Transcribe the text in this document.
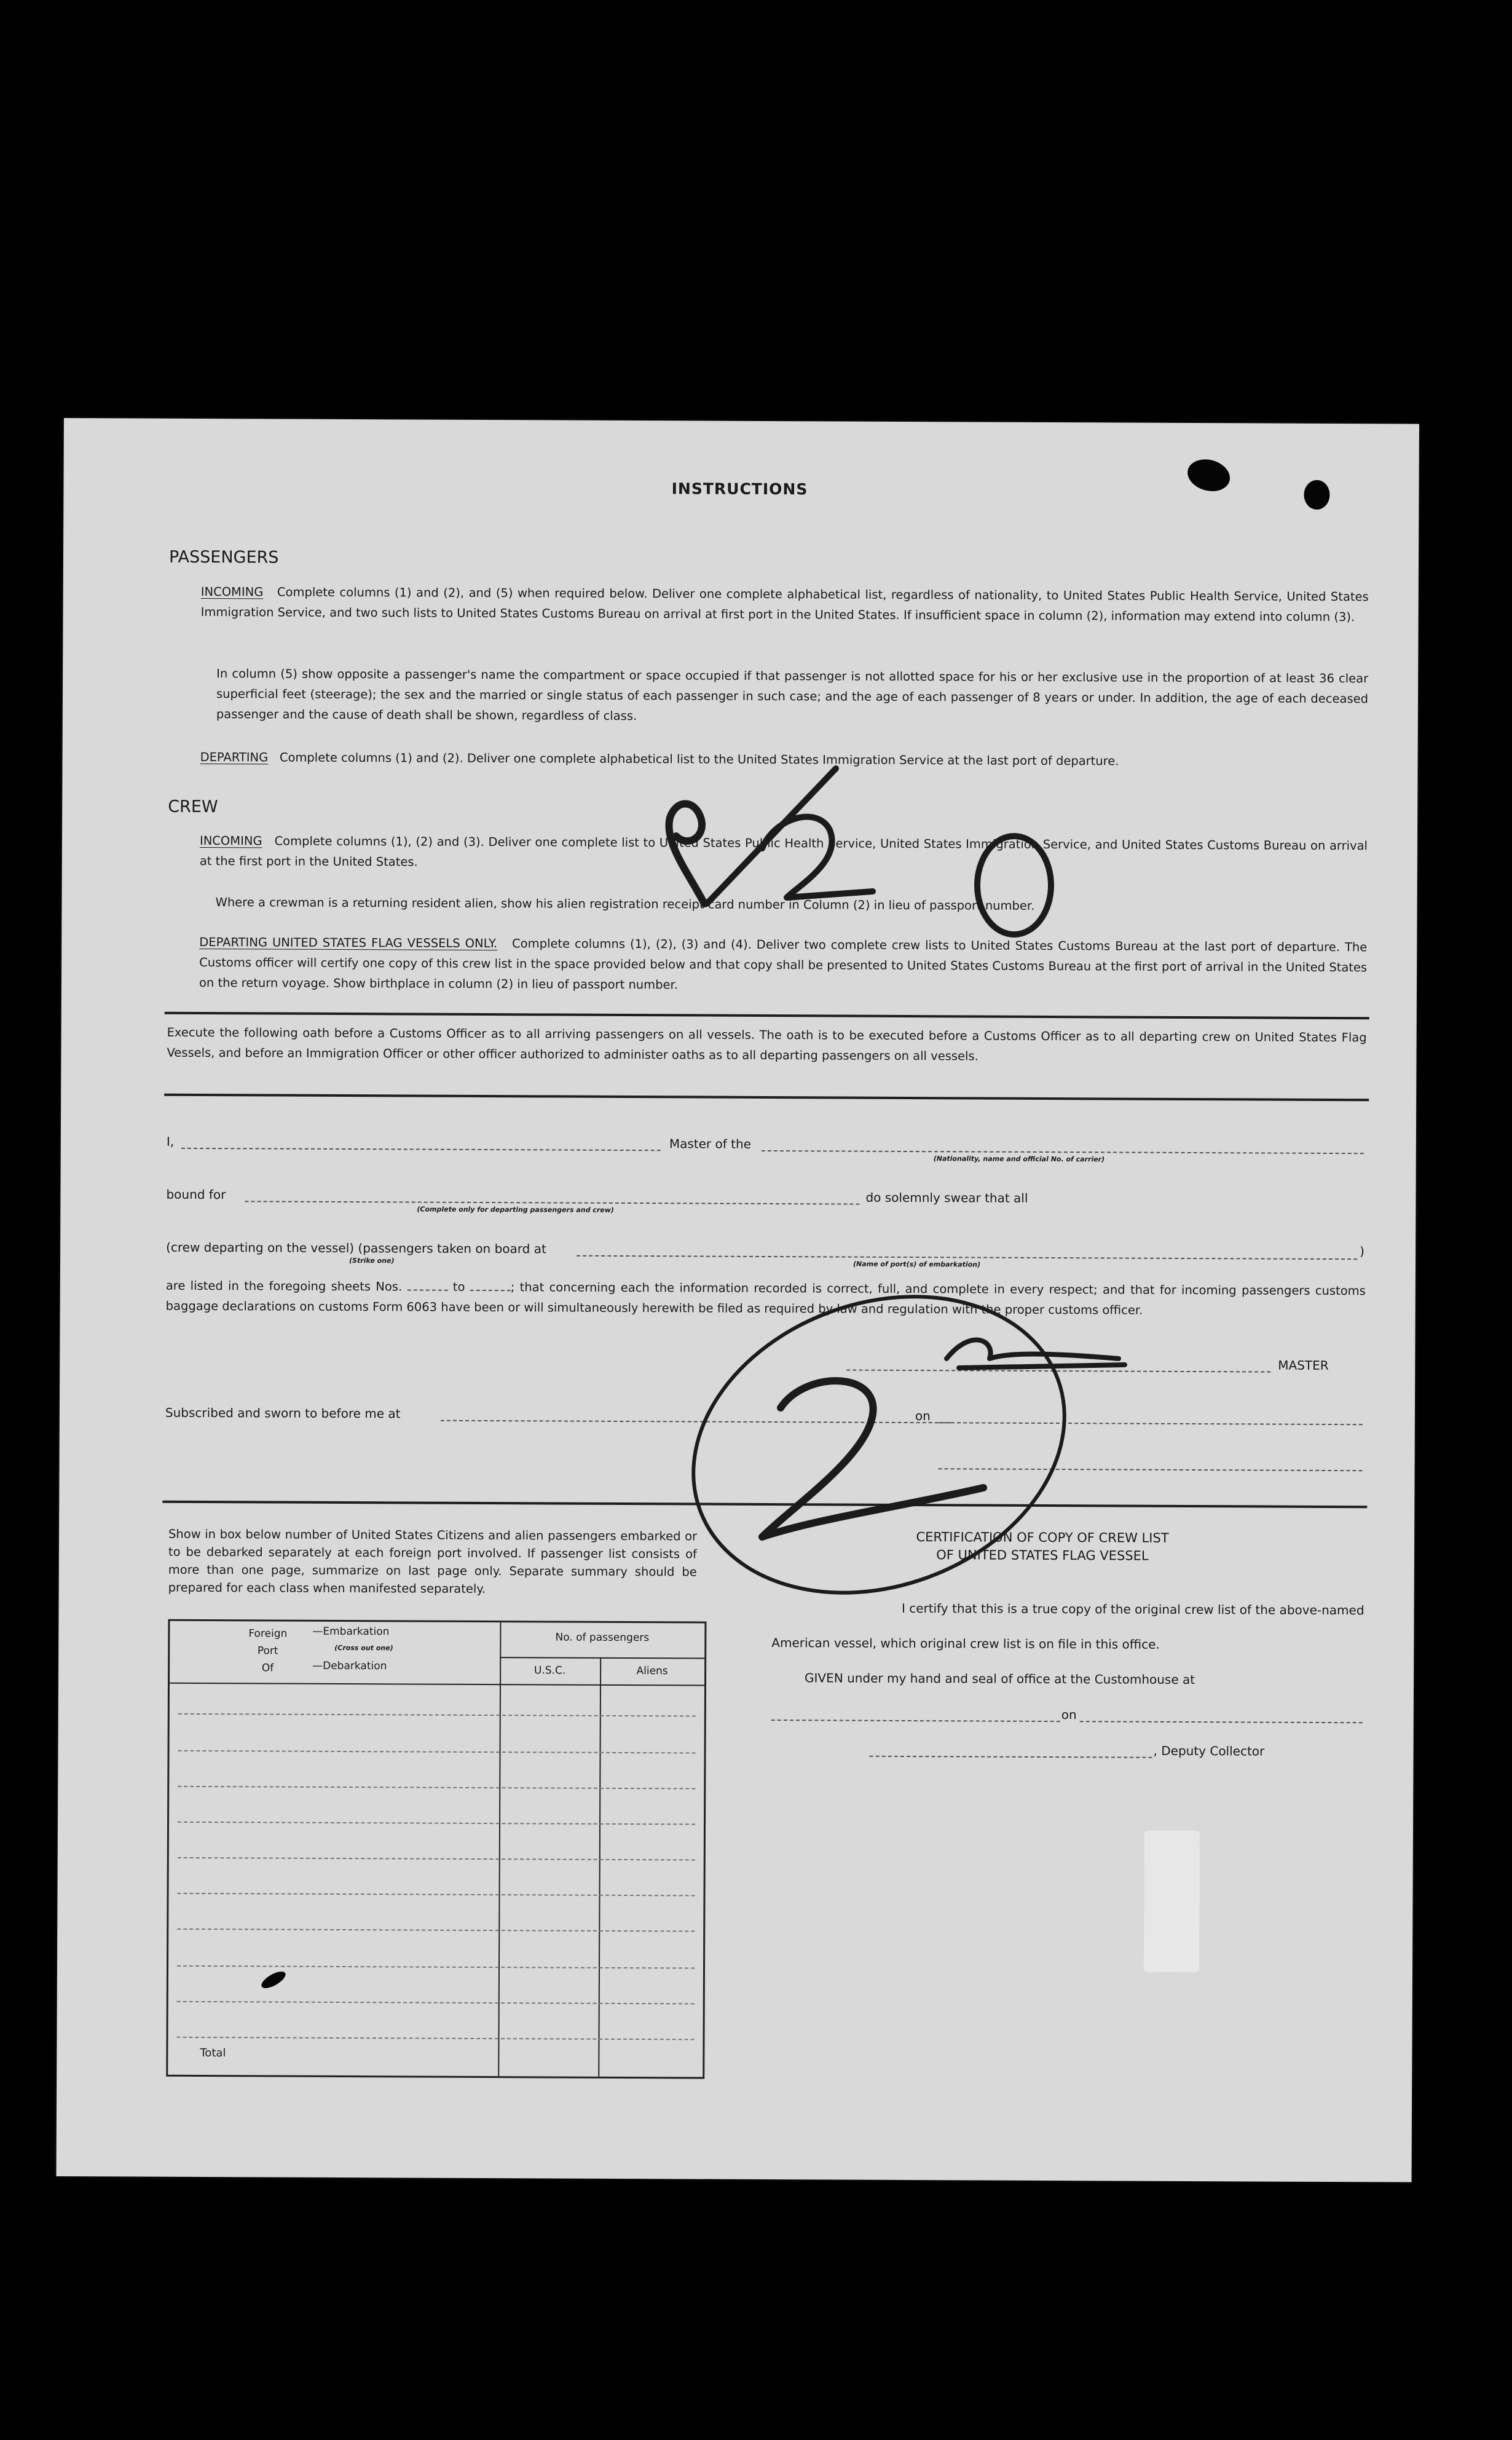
INSTRUCTIONS
PASSENGERS
INCOMING Complete columns (1) and (2), and (5) when required below. Deliver one complete alphabetical list, regardless of nationality, to United States Public Health Service, United States Immigration Service, and two such lists to United States Customs Bureau on arrival at first port in the United States. If insufficient space in column (2), information may extend into column (3).
In column (5) show opposite a passenger's name the compartment or space occupied if that passenger is not allotted space for his or her exclusive use in the proportion of at least 36 clear superficial feet (steerage); the sex and the married or single status of each passenger in such case; and the age of each passenger of 8 years or under. In addition, the age of each deceased passenger and the cause of death shall be shown, regardless of class.
DEPARTING Complete columns (1) and (2). Deliver one complete alphabetical list to the United States Immigration Service at the last port of departure.
CREW
INCOMING Complete columns (1), (2) and (3). Deliver one complete list to United States Public Health Service, United States Immigration Service, and United States Customs Bureau on arrival at the first port in the United States.
Where a crewman is a returning resident alien, show his alien registration receipt card number in Column (2) in lieu of passport number.
DEPARTING UNITED STATES FLAG VESSELS ONLY. Complete columns (1), (2), (3) and (4). Deliver two complete crew lists to United States Customs Bureau at the last port of departure. The Customs officer will certify one copy of this crew list in the space provided below and that copy shall be presented to United States Customs Bureau at the first port of arrival in the United States on the return voyage. Show birthplace in column (2) in lieu of passport number.
Execute the following oath before a Customs Officer as to all arriving passengers on all vessels. The oath is to be executed before a Customs Officer as to all departing crew on United States Flag Vessels, and before an Immigration Officer or other officer authorized to administer oaths as to all departing passengers on all vessels.
I,	Master of the
(Nationality, name and official No. of carrier)
bound for
(Complete only for departing passengers and crew)
do solemnly swear that all
(crew departing on the vessel) (passengers taken on board at
(Strike one)	(Name of port(s) of embarkation)
)
are listed in the foregoing sheets Nos.	to	; that concerning each the information recorded is correct, full, and complete in every respect; and that for incoming passengers customs baggage declarations on customs Form 6063 have been or will simultaneously herewith be filed as required by law and regulation with the proper customs officer.
MASTER
Subscribed and sworn to before me at	on
Show in box below number of United States Citizens and alien passengers embarked or to be debarked separately at each foreign port involved. If passenger list consists of more than one page, summarize on last page only. Separate summary should be prepared for each class when manifested separately.
Foreign
Port
Of
—Embarkation
(Cross out one)
—Debarkation
No. of passengers
U.S.C.	Aliens
Total
CERTIFICATION OF COPY OF CREW LIST
OF UNITED STATES FLAG VESSEL
I certify that this is a true copy of the original crew list of the above-named
American vessel, which original crew list is on file in this office.
GIVEN under my hand and seal of office at the Customhouse at
on
, Deputy Collector
